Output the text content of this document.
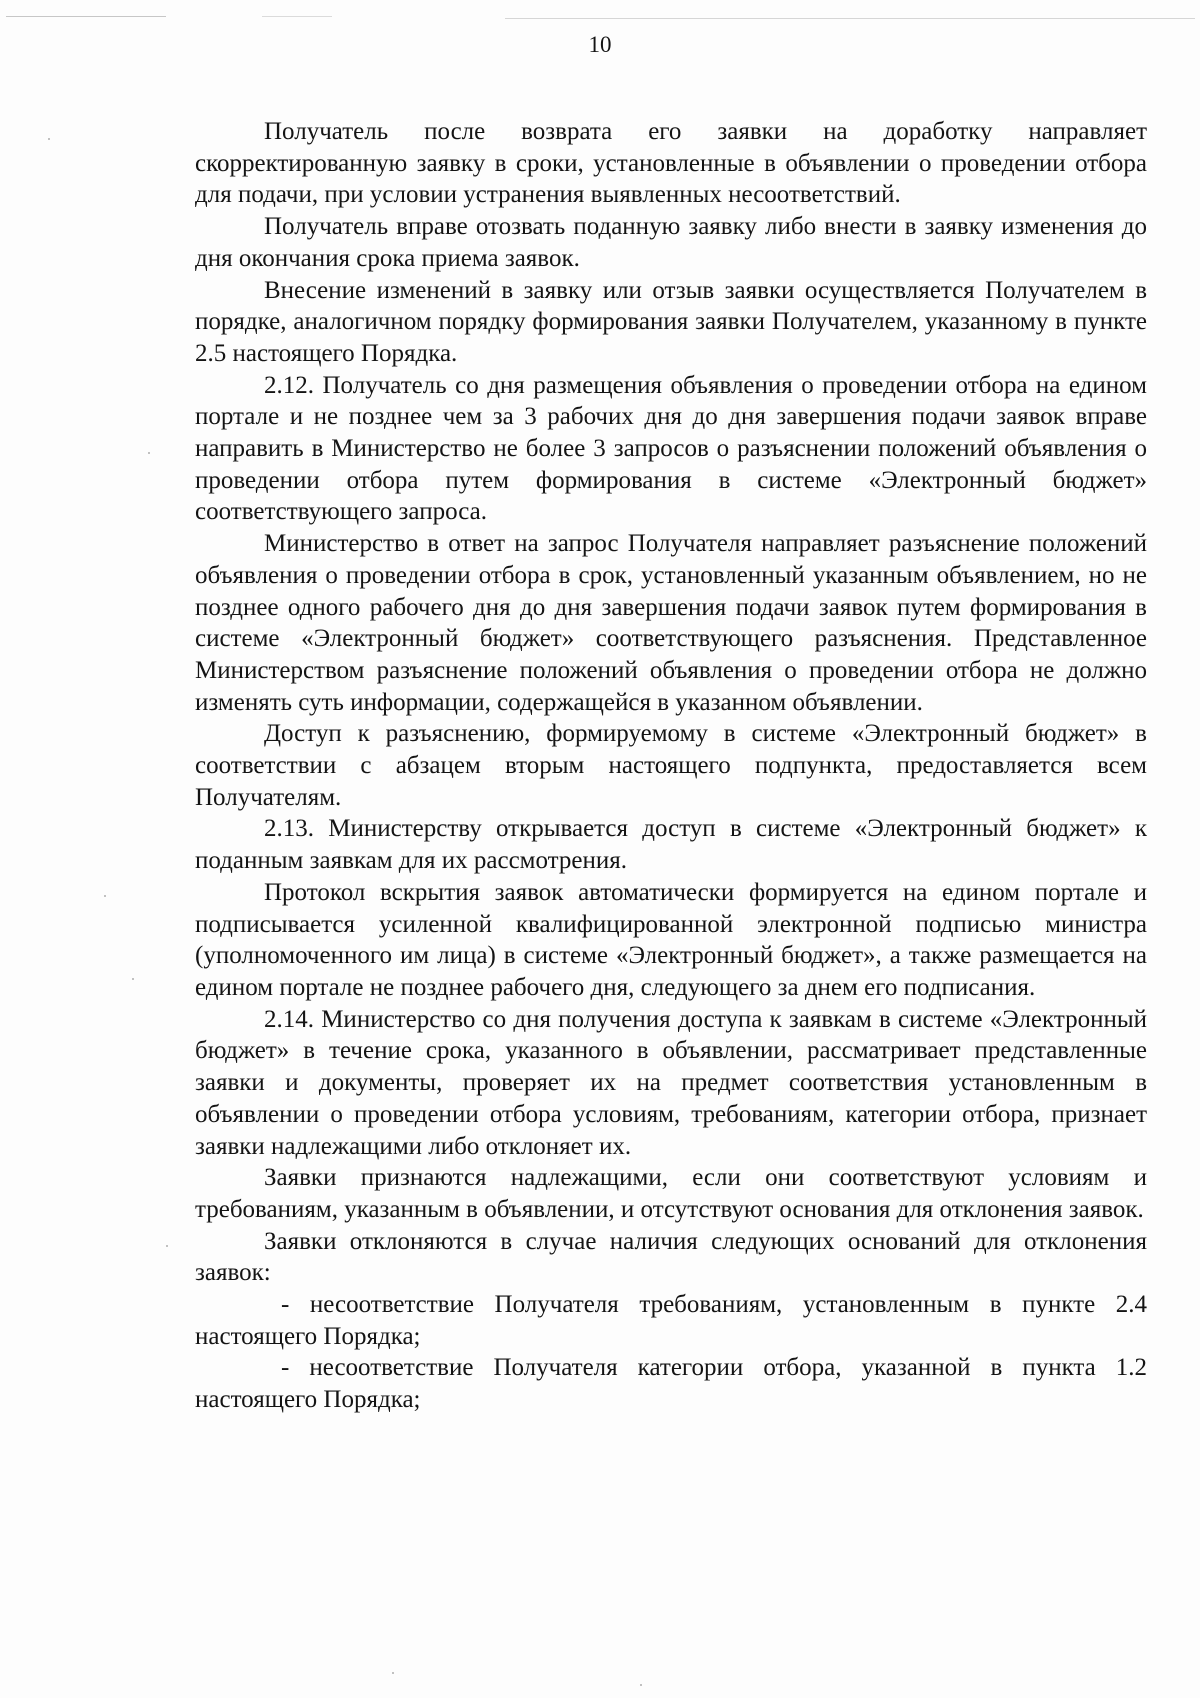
10

Получатель после возврата его заявки на доработку направляет скорректированную заявку в сроки, установленные в объявлении о проведении отбора для подачи, при условии устранения выявленных несоответствий.

Получатель вправе отозвать поданную заявку либо внести в заявку изменения до дня окончания срока приема заявок.

Внесение изменений в заявку или отзыв заявки осуществляется Получателем в порядке, аналогичном порядку формирования заявки Получателем, указанному в пункте 2.5 настоящего Порядка.

2.12. Получатель со дня размещения объявления о проведении отбора на едином портале и не позднее чем за 3 рабочих дня до дня завершения подачи заявок вправе направить в Министерство не более 3 запросов о разъяснении положений объявления о проведении отбора путем формирования в системе «Электронный бюджет» соответствующего запроса.

Министерство в ответ на запрос Получателя направляет разъяснение положений объявления о проведении отбора в срок, установленный указанным объявлением, но не позднее одного рабочего дня до дня завершения подачи заявок путем формирования в системе «Электронный бюджет» соответствующего разъяснения. Представленное Министерством разъяснение положений объявления о проведении отбора не должно изменять суть информации, содержащейся в указанном объявлении.

Доступ к разъяснению, формируемому в системе «Электронный бюджет» в соответствии с абзацем вторым настоящего подпункта, предоставляется всем Получателям.

2.13. Министерству открывается доступ в системе «Электронный бюджет» к поданным заявкам для их рассмотрения.

Протокол вскрытия заявок автоматически формируется на едином портале и подписывается усиленной квалифицированной электронной подписью министра (уполномоченного им лица) в системе «Электронный бюджет», а также размещается на едином портале не позднее рабочего дня, следующего за днем его подписания.

2.14. Министерство со дня получения доступа к заявкам в системе «Электронный бюджет» в течение срока, указанного в объявлении, рассматривает представленные заявки и документы, проверяет их на предмет соответствия установленным в объявлении о проведении отбора условиям, требованиям, категории отбора, признает заявки надлежащими либо отклоняет их.

Заявки признаются надлежащими, если они соответствуют условиям и требованиям, указанным в объявлении, и отсутствуют основания для отклонения заявок.

Заявки отклоняются в случае наличия следующих оснований для отклонения заявок:

- несоответствие Получателя требованиям, установленным в пункте 2.4 настоящего Порядка;

- несоответствие Получателя категории отбора, указанной в пункта 1.2 настоящего Порядка;
